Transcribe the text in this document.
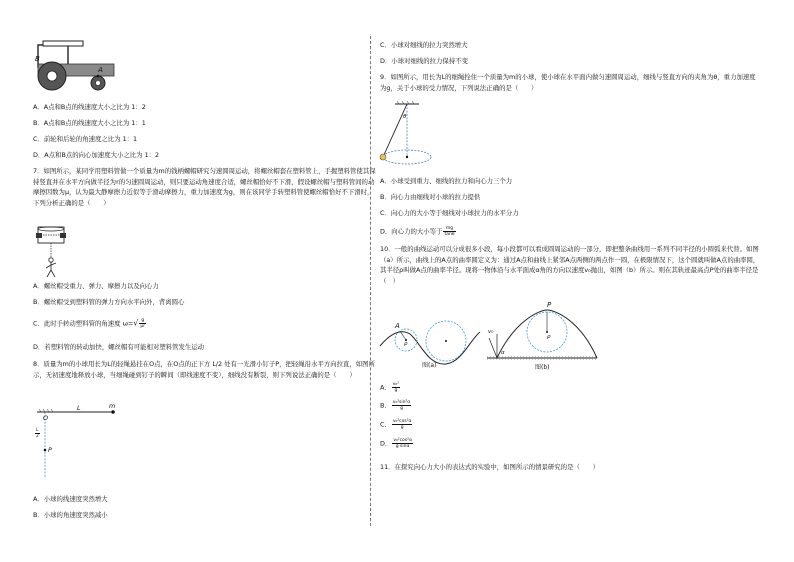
B
A
A．A点和B点的线速度大小之比为 1：2
B．A点和B点的线速度大小之比为 1：1
C．前轮和后轮的角速度之比为 1：1
D．A点和B点的向心加速度大小之比为 1：2
7．如图所示，某同学用塑料管做一个质量为m的钱柄螺帽研究匀速圆周运动，将螺丝帽套在塑料管上，手握塑料管使其保持竖直并在水平方向做半径为r的匀速圆周运动，则只要运动角速度合适，螺丝帽恰好不下滑，假设螺丝帽与塑料管间的动摩擦因数为μ，认为最大静摩擦力近似等于滑动摩擦力，重力加速度为g，则在该同学手转塑料管使螺丝帽恰好不下滑时，下列分析正确的是（　　）
A．螺丝帽受重力、弹力、摩擦力以及向心力
B．螺丝帽受到塑料管的弹力方向水平向外，背离圆心
C．此时手转动塑料管的角速度 $\omega=√ \frac{g}{\mu r}$
D．若塑料管的转动加快，螺丝帽有可能相对塑料管发生运动
8．质量为m的小球用长为L的轻绳悬挂在O点，在O点的正下方 L/2 处有一光滑小钉子P，把轻绳沿水平方向拉直，如图所示，无初速度地释放小球，当细绳碰到钉子的瞬间（即线速度不变），细线没有断裂，则下列说法正确的是（　　）
O
L	m
$\frac{L}{2}$
P
A．小球的线速度突然增大
B．小球的角速度突然减小
C．小球对细线的拉力突然增大
D．小球对细线的拉力保持不变
9．如图所示，用长为L的细绳拴住一个质量为m的小球，使小球在水平面内做匀速圆周运动，细线与竖直方向的夹角为θ，重力加速度为g，关于小球的受力情况，下列说法正确的是（　　）
θ
A．小球受到重力、细线的拉力和向心力三个力
B．向心力由细线对小球的拉力提供
C．向心力的大小等于细线对小球拉力的水平分力
D．向心力的大小等于 $\frac{mg}{\tan\theta}$
10．一般的曲线运动可以分成很多小段，每小段都可以看成圆周运动的一部分，即把整条曲线用一系列不同半径的小圆弧来代替。如图（a）所示，曲线上的A点的曲率圆定义为：通过A点和曲线上紧邻A点两侧的两点作一圆，在极限情况下，这个圆就叫做A点的曲率圆，其半径ρ叫做A点的曲率半径。现将一物体沿与水平面成α角的方向以速度v₀抛出，如图（b）所示。则在其轨迹最高点P处的曲率半径是（　）
A
ρ
图(a)
v₀
α
P
ρ
图(b)
A． $\frac{\text{v₀²}}{g}$
B． $\frac{\text{v₀²sin²α}}{g}$
C． $\frac{\text{v₀²cos²α}}{g}$
D． $\frac{\text{v₀²cos²α}}{\text{g sinα}}$
11．在探究向心力大小的表达式的实验中，如图所示的情景研究的是（　　）
